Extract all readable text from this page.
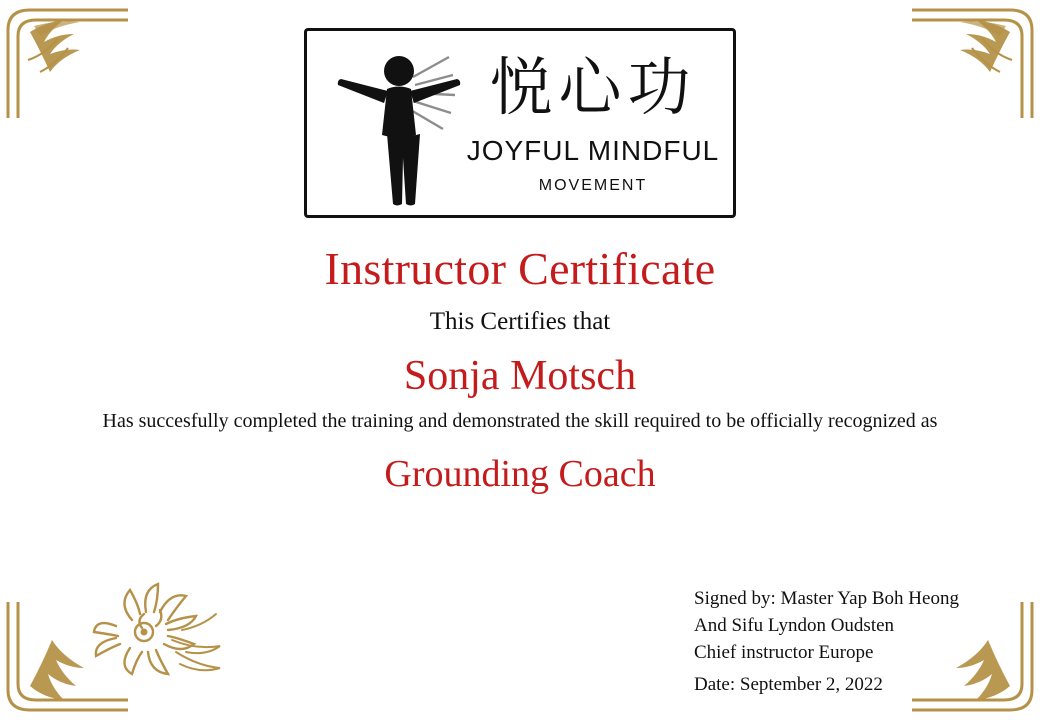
悦心功
JOYFUL MINDFUL
MOVEMENT
Instructor Certificate
This Certifies that
Sonja Motsch
Has succesfully completed the training and demonstrated the skill required to be officially recognized as
Grounding Coach
Signed by: Master Yap Boh Heong
And Sifu Lyndon Oudsten
Chief instructor Europe
Date: September 2, 2022
